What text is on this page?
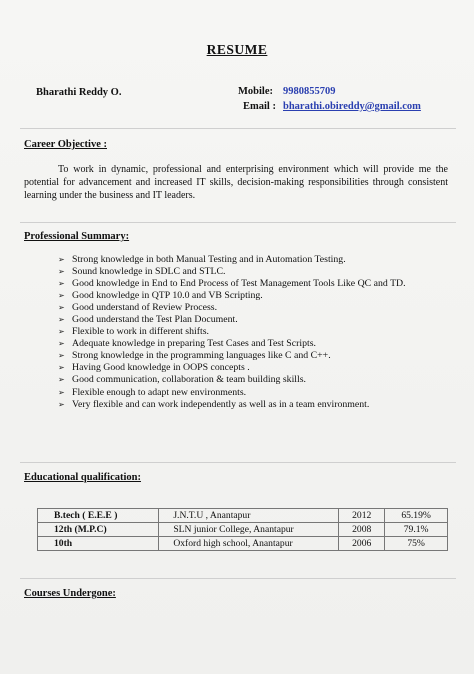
RESUME
Bharathi Reddy O.	Mobile: 9980855709
Email : bharathi.obireddy@gmail.com
Career Objective :
To work in dynamic, professional and enterprising environment which will provide me the potential for advancement and increased IT skills, decision-making responsibilities through consistent learning under the business and IT leaders.
Professional Summary:
➢ Strong knowledge in both Manual Testing and in Automation Testing.
➢ Sound knowledge in SDLC and STLC.
➢ Good knowledge in End to End Process of Test Management Tools Like QC and TD.
➢ Good knowledge in QTP 10.0 and VB Scripting.
➢ Good understand of Review Process.
➢ Good understand the Test Plan Document.
➢ Flexible to work in different shifts.
➢ Adequate knowledge in preparing Test Cases and Test Scripts.
➢ Strong knowledge in the programming languages like C and C++.
➢ Having Good knowledge in OOPS concepts .
➢ Good communication, collaboration & team building skills.
➢ Flexible enough to adapt new environments.
➢ Very flexible and can work independently as well as in a team environment.
Educational qualification:
B.tech ( E.E.E )	J.N.T.U , Anantapur	2012	65.19%
12th (M.P.C)	SLN junior College, Anantapur	2008	79.1%
10th	Oxford high school, Anantapur	2006	75%
Courses Undergone:
